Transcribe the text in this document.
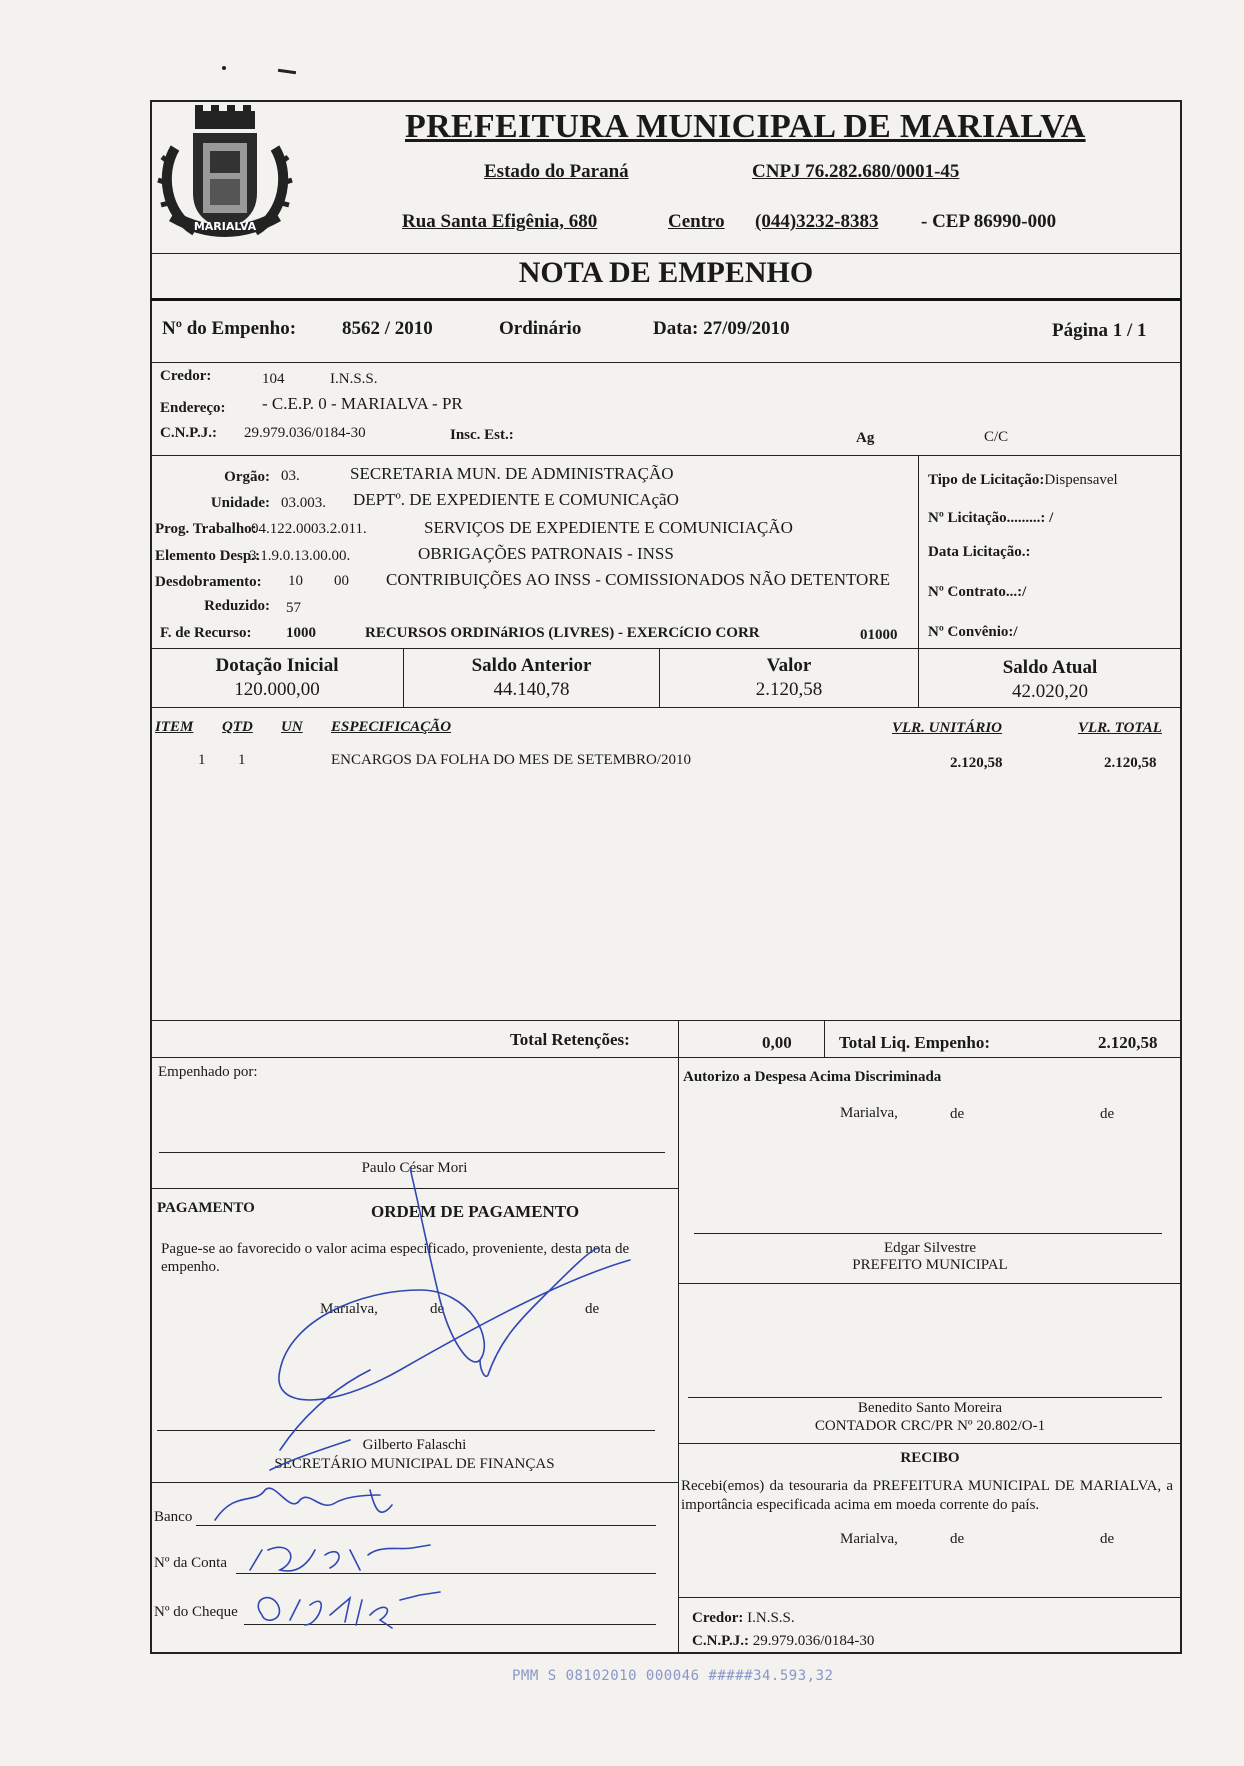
MARIALVA
PREFEITURA MUNICIPAL DE MARIALVA
Estado do Paraná	CNPJ 76.282.680/0001-45
Rua Santa Efigênia, 680	Centro (044)3232-8383 - CEP 86990-000
NOTA DE EMPENHO
Nº do Empenho: 8562 / 2010	Ordinário	Data: 27/09/2010	Página 1 / 1
Credor:	104	I.N.S.S.
Endereço: - C.E.P. 0 - MARIALVA - PR
C.N.P.J.: 29.979.036/0184-30	Insc. Est.:	Ag	C/C
Orgão: 03.	SECRETARIA MUN. DE ADMINISTRAÇÃO
Unidade: 03.003. DEPTº. DE EXPEDIENTE E COMUNICAçãO
Prog. Trabalho:
04.122.0003.2.011.	SERVIÇOS DE EXPEDIENTE E COMUNICIAÇÃO
Elemento Desp.:
3.1.9.0.13.00.00.	OBRIGAÇÕES PATRONAIS - INSS
Desdobramento: 10 00 CONTRIBUIÇÕES AO INSS - COMISSIONADOS NÃO DETENTORE
Reduzido: 57
F. de Recurso: 1000	RECURSOS ORDINáRIOS (LIVRES) - EXERCíCIO CORR	01000
Tipo de Licitação:Dispensavel
Nº Licitação.........: /
Data Licitação.:
Nº Contrato...:/
Nº Convênio:/
Dotação Inicial
120.000,00
Saldo Anterior
44.140,78
Valor
2.120,58
Saldo Atual
42.020,20
ITEM QTD UN ESPECIFICAÇÃO	VLR. UNITÁRIO	VLR. TOTAL
1 1	ENCARGOS DA FOLHA DO MES DE SETEMBRO/2010	2.120,58	2.120,58
Total Retenções:	0,00	Total Liq. Empenho:	2.120,58
Empenhado por:
Paulo César Mori
PAGAMENTO	ORDEM DE PAGAMENTO
Pague-se ao favorecido o valor acima especificado, proveniente, desta nota de empenho.
Marialva,	de	de
Gilberto Falaschi
SECRETÁRIO MUNICIPAL DE FINANÇAS
Banco
Nº da Conta
Nº do Cheque
Autorizo a Despesa Acima Discriminada
Marialva,	de	de
Edgar Silvestre
PREFEITO MUNICIPAL
Benedito Santo Moreira
CONTADOR CRC/PR Nº 20.802/O-1
RECIBO
Recebi(emos) da tesouraria da PREFEITURA MUNICIPAL DE MARIALVA, a importância especificada acima em moeda corrente do país.
Marialva,	de	de
Credor: I.N.S.S.
C.N.P.J.: 29.979.036/0184-30
PMM S 08102010 000046 #####34.593,32
